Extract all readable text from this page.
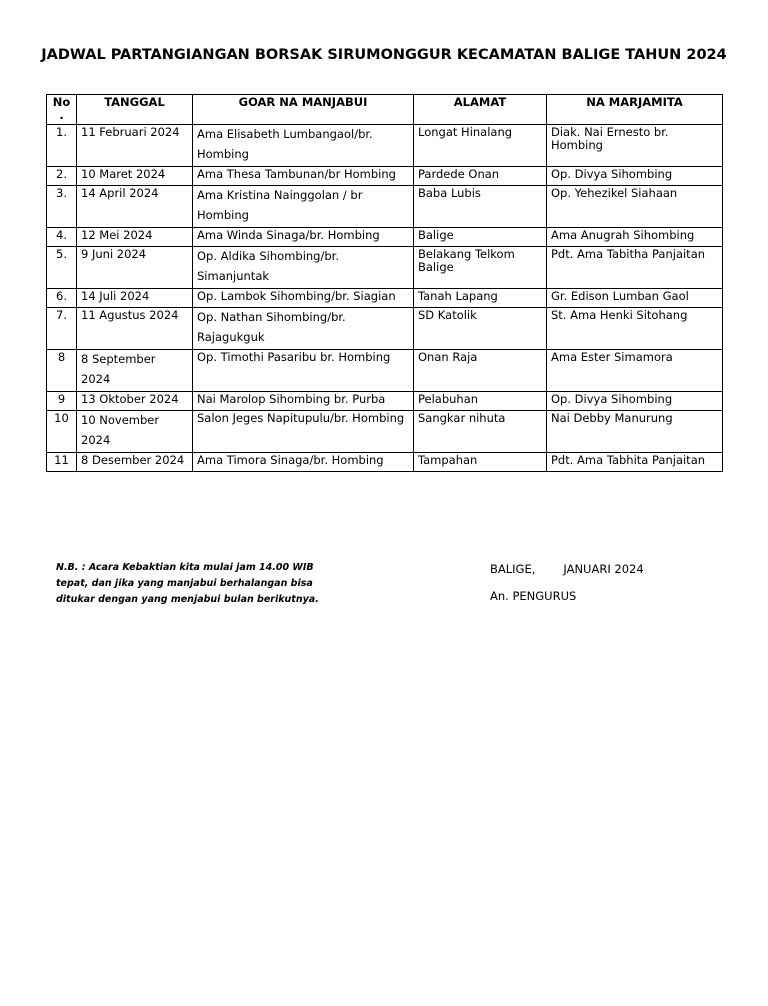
JADWAL PARTANGIANGAN BORSAK SIRUMONGGUR KECAMATAN BALIGE TAHUN 2024
No .	TANGGAL	GOAR NA MANJABUI	ALAMAT	NA MARJAMITA
1.	11 Februari 2024	Ama Elisabeth Lumbangaol/br. Hombing	Longat Hinalang	Diak. Nai Ernesto br. Hombing
2.	10 Maret 2024	Ama Thesa Tambunan/br Hombing	Pardede Onan	Op. Divya Sihombing
3.	14 April 2024	Ama Kristina Nainggolan / br Hombing	Baba Lubis	Op. Yehezikel Siahaan
4.	12 Mei 2024	Ama Winda Sinaga/br. Hombing	Balige	Ama Anugrah Sihombing
5.	9 Juni 2024	Op. Aldika Sihombing/br. Simanjuntak	Belakang Telkom Balige	Pdt. Ama Tabitha Panjaitan
6.	14 Juli 2024	Op. Lambok Sihombing/br. Siagian	Tanah Lapang	Gr. Edison Lumban Gaol
7.	11 Agustus 2024	Op. Nathan Sihombing/br. Rajagukguk	SD Katolik	St. Ama Henki Sitohang
8	8 September 2024	Op. Timothi Pasaribu br. Hombing	Onan Raja	Ama Ester Simamora
9	13 Oktober 2024	Nai Marolop Sihombing br. Purba	Pelabuhan	Op. Divya Sihombing
10	10 November 2024	Salon Jeges Napitupulu/br. Hombing	Sangkar nihuta	Nai Debby Manurung
11	8 Desember 2024	Ama Timora Sinaga/br. Hombing	Tampahan	Pdt. Ama Tabhita Panjaitan

N.B. : Acara Kebaktian kita mulai jam 14.00 WIB tepat, dan jika yang manjabui berhalangan bisa ditukar dengan yang menjabui bulan berikutnya.

BALIGE, JANUARI 2024

An. PENGURUS
